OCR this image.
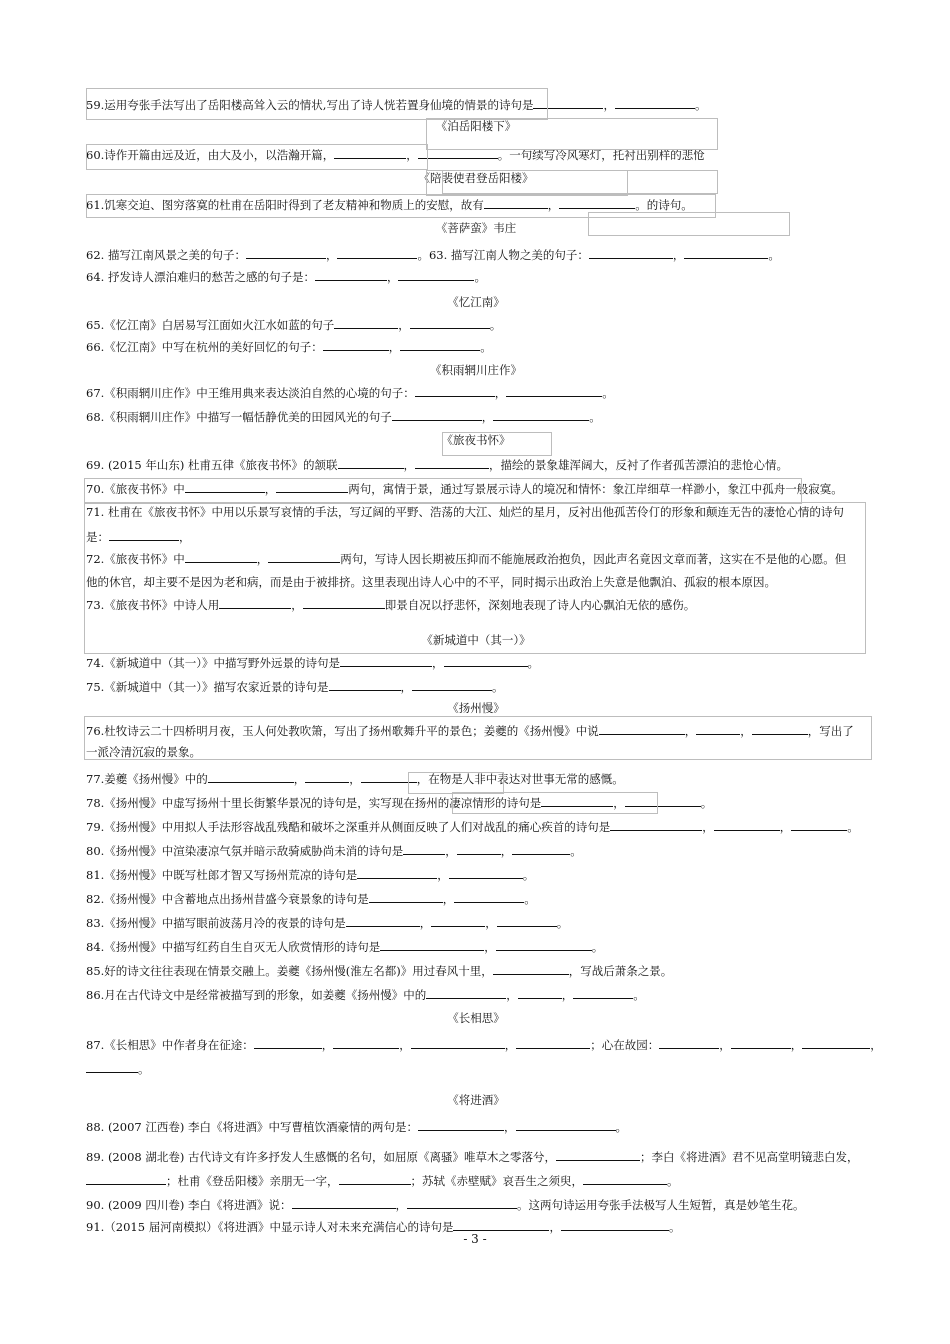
59.运用夸张手法写出了岳阳楼高耸入云的情状,写出了诗人恍若置身仙境的情景的诗句是	，	。
《泊岳阳楼下》
60.诗作开篇由远及近，由大及小，以浩瀚开篇，	，	。一句续写冷风寒灯，托衬出别样的悲怆
《陪裴使君登岳阳楼》
61.饥寒交迫、图穷落寞的杜甫在岳阳时得到了老友精神和物质上的安慰，故有	，	。的诗句。
《菩萨蛮》韦庄
62. 描写江南风景之美的句子：	，	。63. 描写江南人物之美的句子：	，	。
64. 抒发诗人漂泊难归的愁苦之感的句子是：	，	。
《忆江南》
65.《忆江南》白居易写江面如火江水如蓝的句子	，	。
66.《忆江南》中写在杭州的美好回忆的句子：	，	。
《积雨辋川庄作》
67.《积雨辋川庄作》中王维用典来表达淡泊自然的心境的句子：	，	。
68.《积雨辋川庄作》中描写一幅恬静优美的田园风光的句子	，	。
《旅夜书怀》
69. (2015 年山东) 杜甫五律《旅夜书怀》的颔联	，	，描绘的景象雄浑阔大，反衬了作者孤苦漂泊的悲怆心情。
70.《旅夜书怀》中	，	两句，寓情于景，通过写景展示诗人的境况和情怀：象江岸细草一样渺小，象江中孤舟一般寂寞。
71. 杜甫在《旅夜书怀》中用以乐景写哀情的手法，写辽阔的平野、浩荡的大江、灿烂的星月，反衬出他孤苦伶仃的形象和颠连无告的凄怆心情的诗句
是：	，
72.《旅夜书怀》中	，	两句，写诗人因长期被压抑而不能施展政治抱负，因此声名竟因文章而著，这实在不是他的心愿。但
他的休官，却主要不是因为老和病，而是由于被排挤。这里表现出诗人心中的不平，同时揭示出政治上失意是他飘泊、孤寂的根本原因。
73.《旅夜书怀》中诗人用	，	即景自况以抒悲怀，深刻地表现了诗人内心飘泊无依的感伤。
《新城道中（其一）》
74.《新城道中（其一）》中描写野外远景的诗句是	，	。
75.《新城道中（其一）》描写农家近景的诗句是	，	。
《扬州慢》
76.杜牧诗云二十四桥明月夜，玉人何处教吹箫，写出了扬州歌舞升平的景色；姜夔的《扬州慢》中说	，	，	，写出了
一派冷清沉寂的景象。
77.姜夔《扬州慢》中的	，	，	，在物是人非中表达对世事无常的感慨。
78.《扬州慢》中虚写扬州十里长街繁华景况的诗句是，实写现在扬州的凄凉情形的诗句是	，	。
79.《扬州慢》中用拟人手法形容战乱残酷和破坏之深重并从侧面反映了人们对战乱的痛心疾首的诗句是	，	，	。
80.《扬州慢》中渲染凄凉气氛并暗示敌骑威胁尚未消的诗句是	，	，	。
81.《扬州慢》中既写杜郎才智又写扬州荒凉的诗句是	，	。
82.《扬州慢》中含蓄地点出扬州昔盛今衰景象的诗句是	，	。
83.《扬州慢》中描写眼前波荡月冷的夜景的诗句是	，	，	。
84.《扬州慢》中描写红药自生自灭无人欣赏情形的诗句是	，	。
85.好的诗文往往表现在情景交融上。姜夔《扬州慢(淮左名都)》用过春风十里，	，写战后萧条之景。
86.月在古代诗文中是经常被描写到的形象，如姜夔《扬州慢》中的	，	，	。
《长相思》
87.《长相思》中作者身在征途：	，	，	，	；心在故园：	，	，	，
。
《将进酒》
88. (2007 江西卷) 李白《将进酒》中写曹植饮酒豪情的两句是：	，	。
89. (2008 湖北卷) 古代诗文有许多抒发人生感慨的名句，如屈原《离骚》唯草木之零落兮，	；李白《将进酒》君不见高堂明镜悲白发，
；杜甫《登岳阳楼》亲朋无一字，	；苏轼《赤壁赋》哀吾生之须臾，	。
90. (2009 四川卷) 李白《将进酒》说：	，	。这两句诗运用夸张手法极写人生短暂，真是妙笔生花。
91.（2015 届河南模拟）《将进酒》中显示诗人对未来充满信心的诗句是	，	。
- 3 -
